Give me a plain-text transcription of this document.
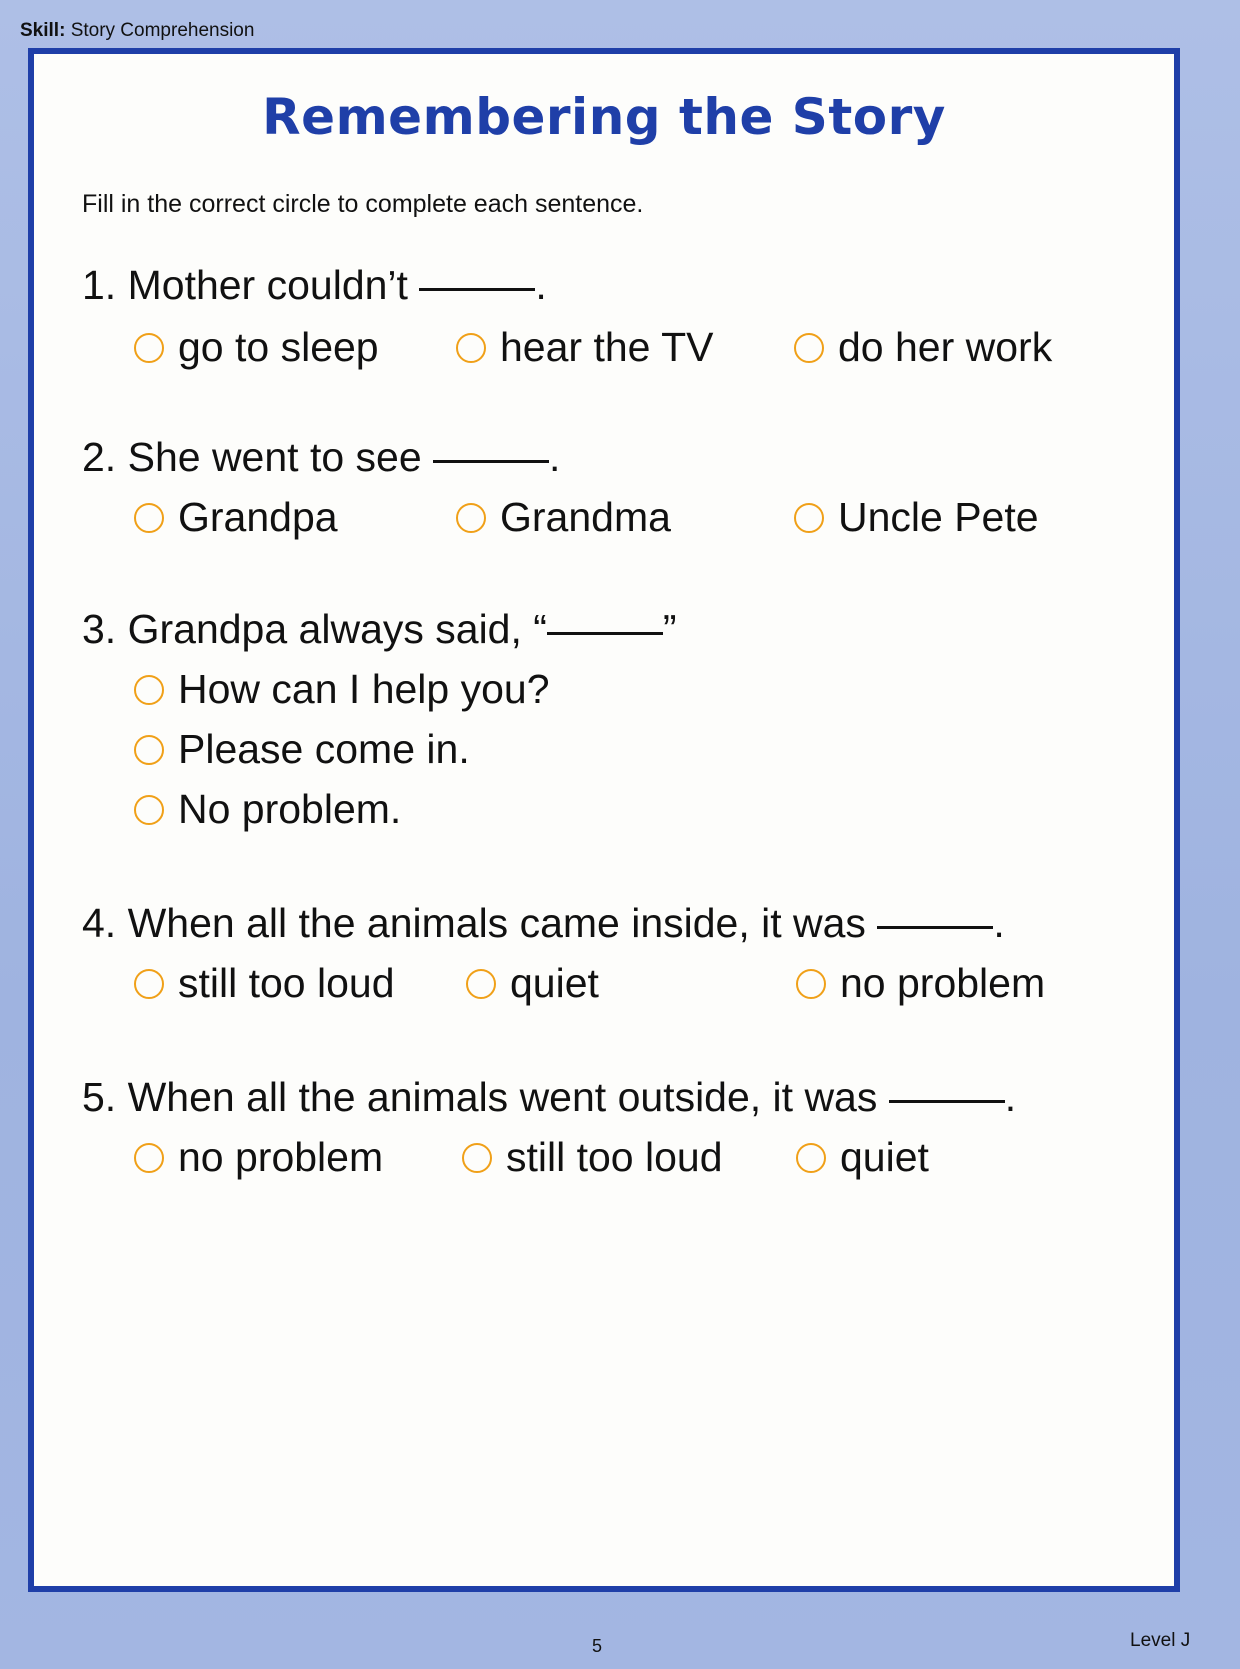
Skill: Story Comprehension
Remembering the Story
Fill in the correct circle to complete each sentence.
1. Mother couldn’t	.
go to sleep	hear the TV	do her work
2. She went to see	.
Grandpa	Grandma	Uncle Pete
3. Grandpa always said, “	”
How can I help you?
Please come in.
No problem.
4. When all the animals came inside, it was	.
still too loud	quiet	no problem
5. When all the animals went outside, it was	.
no problem	still too loud	quiet
5	Level J
